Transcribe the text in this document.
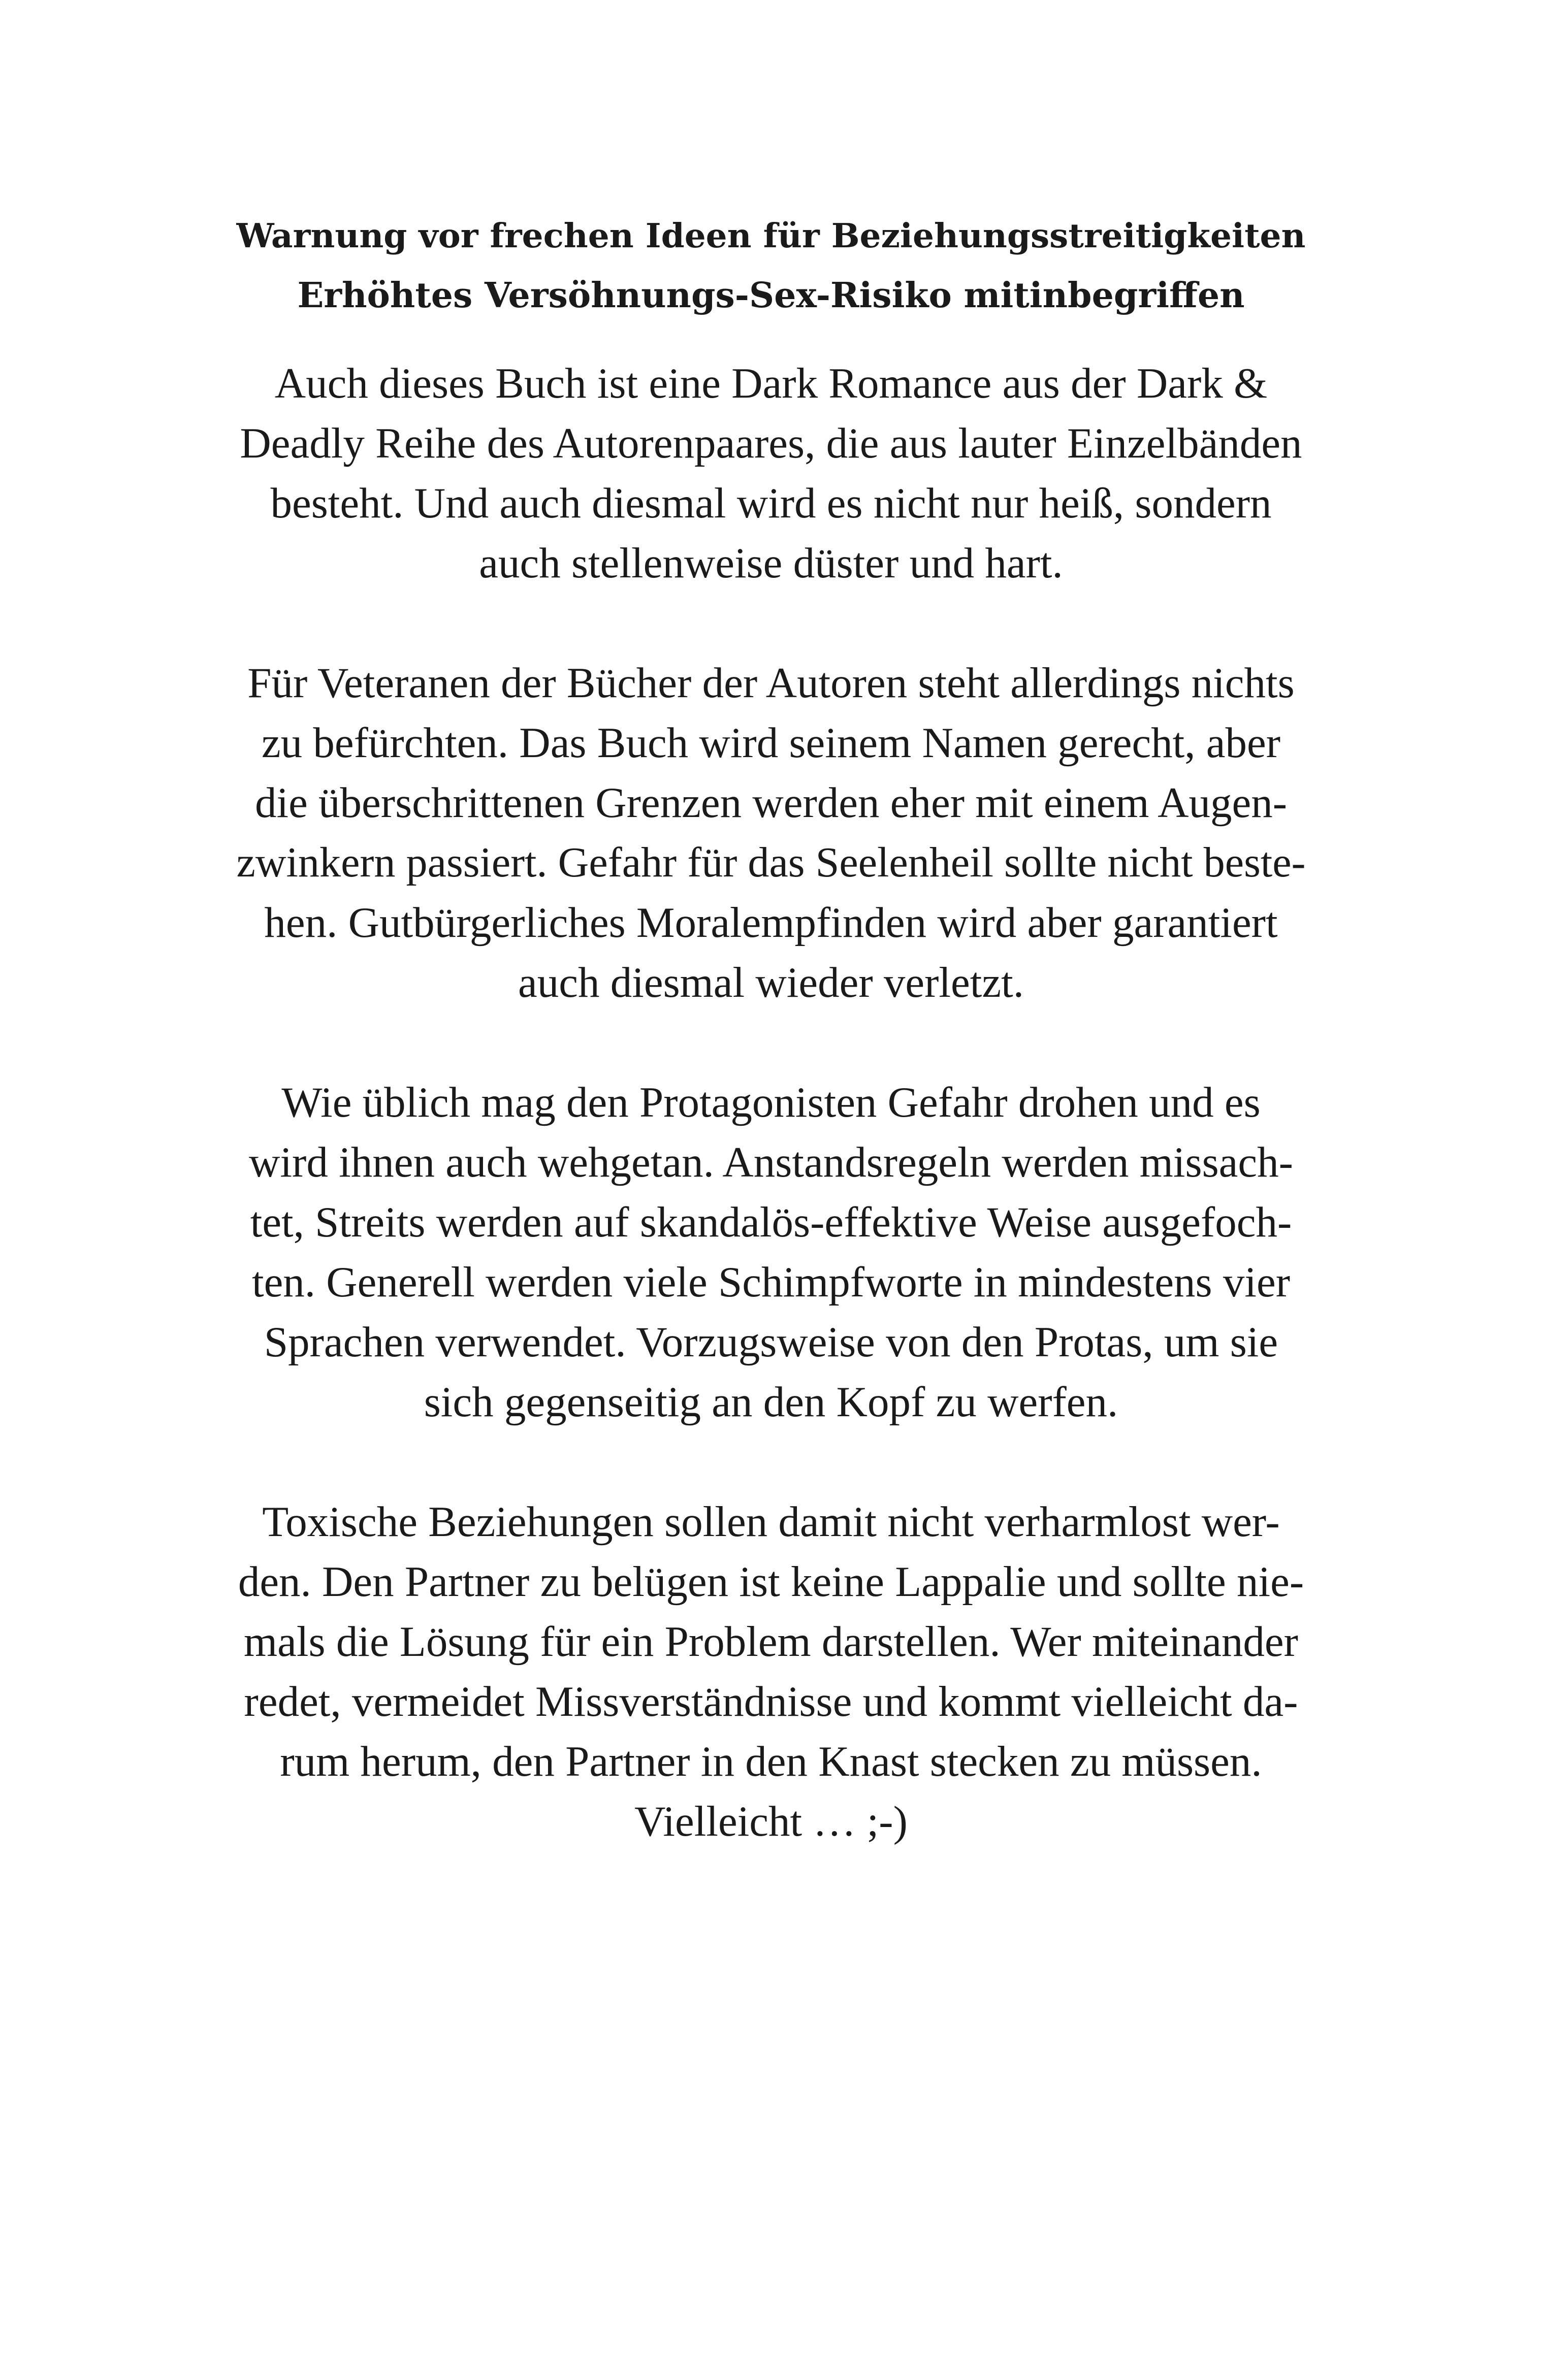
Warnung vor frechen Ideen für Beziehungsstreitigkeiten

Erhöhtes Versöhnungs-Sex-Risiko mitinbegriffen

Auch dieses Buch ist eine Dark Romance aus der Dark &
Deadly Reihe des Autorenpaares, die aus lauter Einzelbänden
besteht. Und auch diesmal wird es nicht nur heiß, sondern
auch stellenweise düster und hart.

Für Veteranen der Bücher der Autoren steht allerdings nichts
zu befürchten. Das Buch wird seinem Namen gerecht, aber
die überschrittenen Grenzen werden eher mit einem Augen-
zwinkern passiert. Gefahr für das Seelenheil sollte nicht beste-
hen. Gutbürgerliches Moralempfinden wird aber garantiert
auch diesmal wieder verletzt.

Wie üblich mag den Protagonisten Gefahr drohen und es
wird ihnen auch wehgetan. Anstandsregeln werden missach-
tet, Streits werden auf skandalös-effektive Weise ausgefoch-
ten. Generell werden viele Schimpfworte in mindestens vier
Sprachen verwendet. Vorzugsweise von den Protas, um sie
sich gegenseitig an den Kopf zu werfen.

Toxische Beziehungen sollen damit nicht verharmlost wer-
den. Den Partner zu belügen ist keine Lappalie und sollte nie-
mals die Lösung für ein Problem darstellen. Wer miteinander
redet, vermeidet Missverständnisse und kommt vielleicht da-
rum herum, den Partner in den Knast stecken zu müssen.
Vielleicht … ;-)
